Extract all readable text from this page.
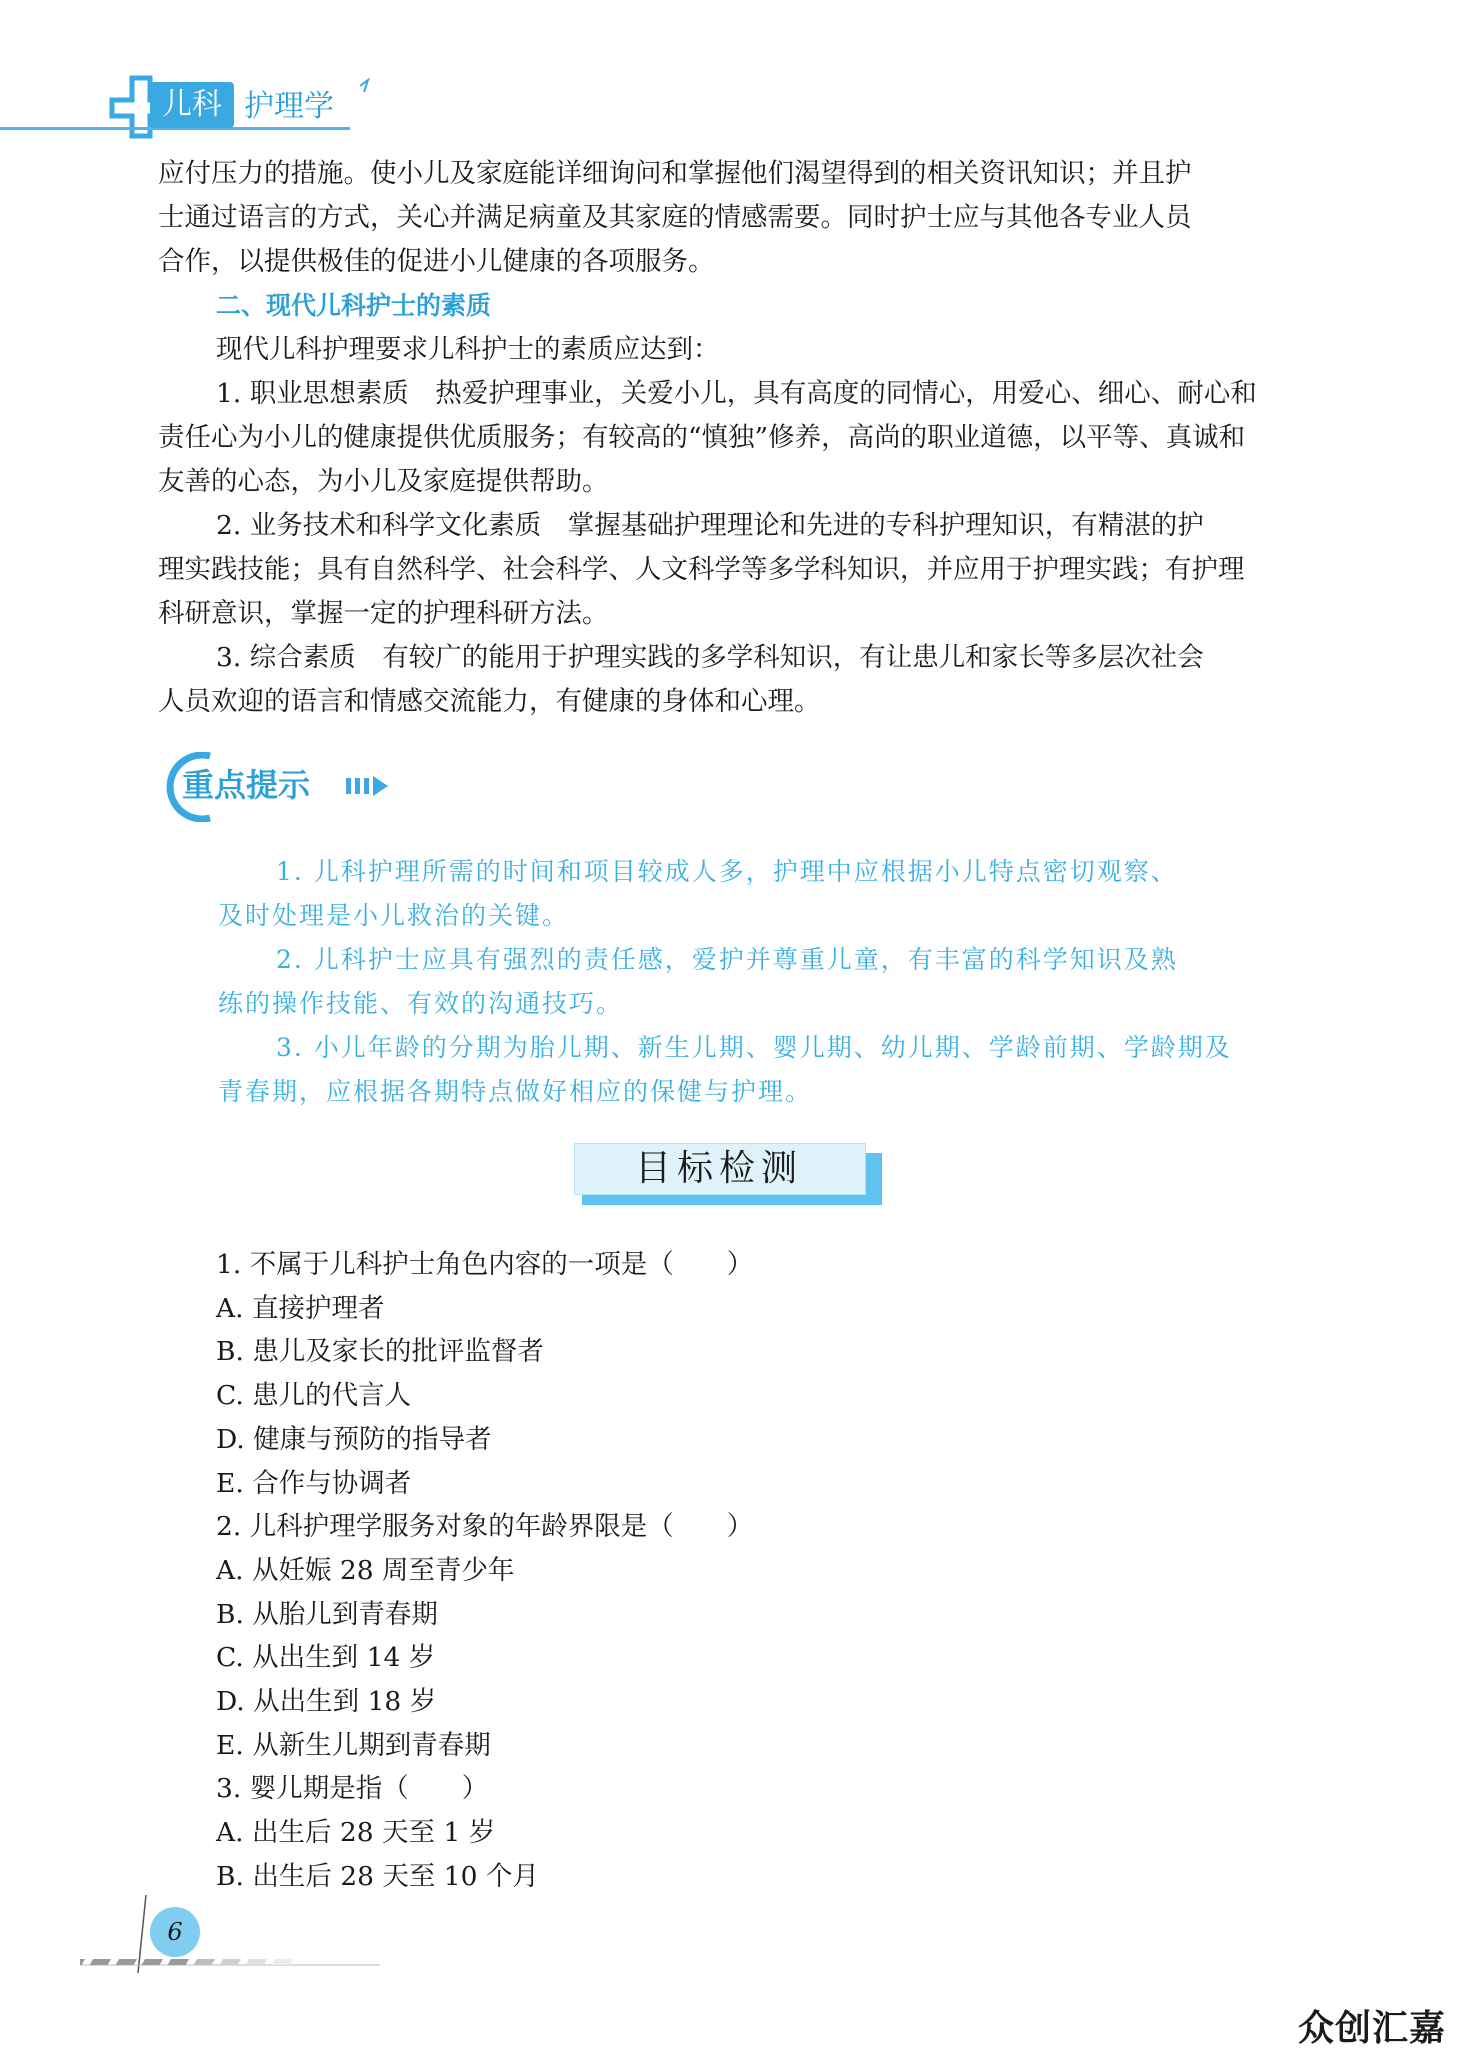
儿科 护理学
应付压力的措施。使小儿及家庭能详细询问和掌握他们渴望得到的相关资讯知识；并且护
士通过语言的方式，关心并满足病童及其家庭的情感需要。同时护士应与其他各专业人员
合作，以提供极佳的促进小儿健康的各项服务。
二、现代儿科护士的素质
现代儿科护理要求儿科护士的素质应达到：
1. 职业思想素质　热爱护理事业，关爱小儿，具有高度的同情心，用爱心、细心、耐心和
责任心为小儿的健康提供优质服务；有较高的“慎独”修养，高尚的职业道德，以平等、真诚和
友善的心态，为小儿及家庭提供帮助。
2. 业务技术和科学文化素质　掌握基础护理理论和先进的专科护理知识，有精湛的护
理实践技能；具有自然科学、社会科学、人文科学等多学科知识，并应用于护理实践；有护理
科研意识，掌握一定的护理科研方法。
3. 综合素质　有较广的能用于护理实践的多学科知识，有让患儿和家长等多层次社会
人员欢迎的语言和情感交流能力，有健康的身体和心理。
重点提示
1. 儿科护理所需的时间和项目较成人多，护理中应根据小儿特点密切观察、
及时处理是小儿救治的关键。
2. 儿科护士应具有强烈的责任感，爱护并尊重儿童，有丰富的科学知识及熟
练的操作技能、有效的沟通技巧。
3. 小儿年龄的分期为胎儿期、新生儿期、婴儿期、幼儿期、学龄前期、学龄期及
青春期，应根据各期特点做好相应的保健与护理。
目标检测
1. 不属于儿科护士角色内容的一项是（　　）
A. 直接护理者
B. 患儿及家长的批评监督者
C. 患儿的代言人
D. 健康与预防的指导者
E. 合作与协调者
2. 儿科护理学服务对象的年龄界限是（　　）
A. 从妊娠 28 周至青少年
B. 从胎儿到青春期
C. 从出生到 14 岁
D. 从出生到 18 岁
E. 从新生儿期到青春期
3. 婴儿期是指（　　）
A. 出生后 28 天至 1 岁
B. 出生后 28 天至 10 个月
6
众创汇嘉
